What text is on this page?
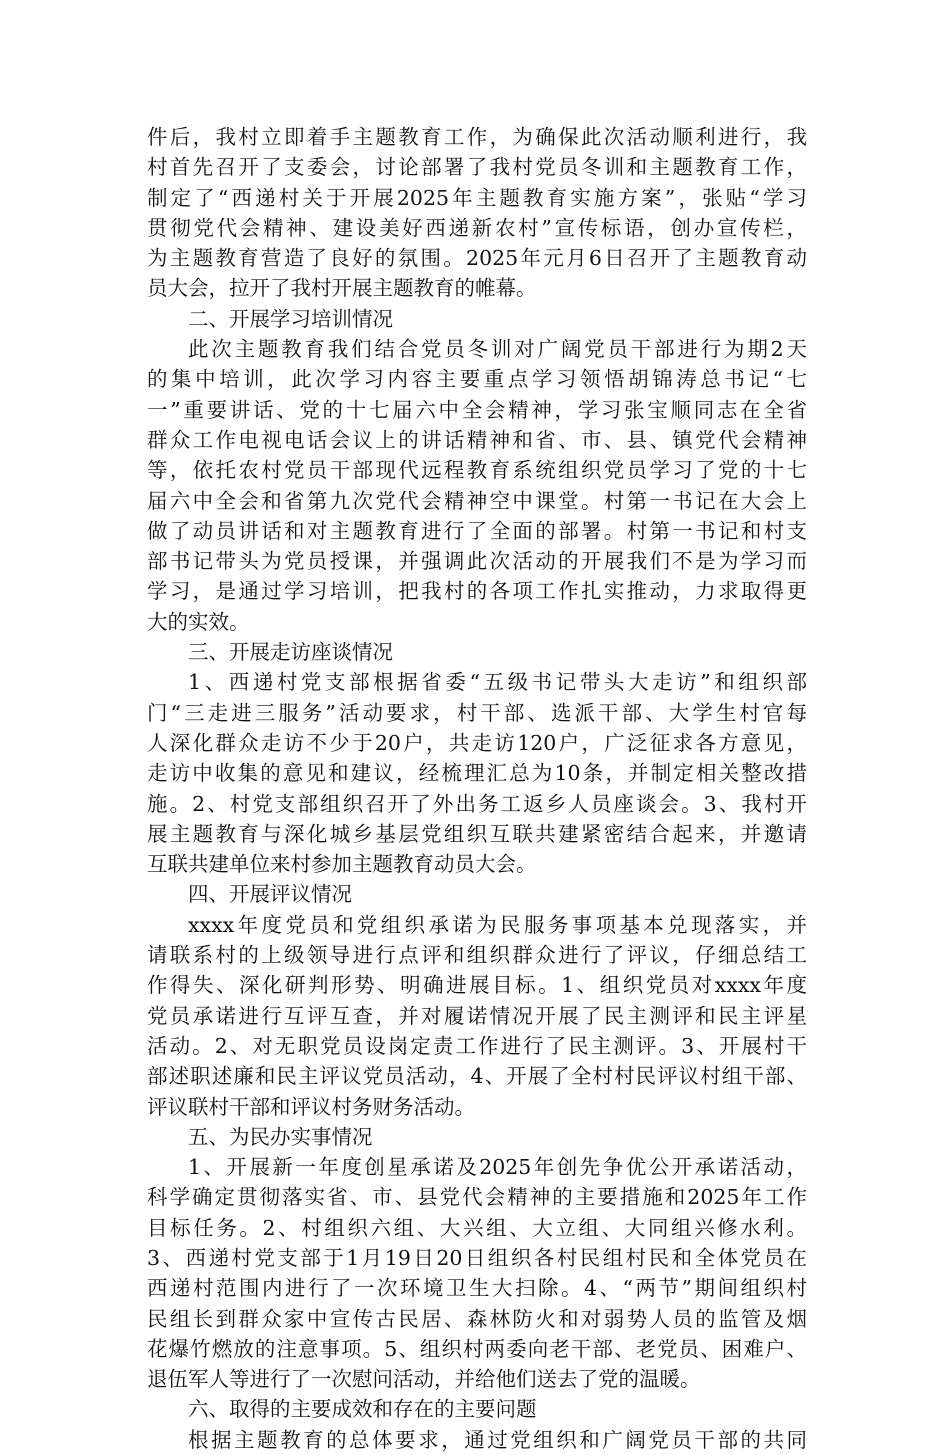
件后，我村立即着手主题教育工作，为确保此次活动顺利进行，我
村首先召开了支委会，讨论部署了我村党员冬训和主题教育工作，
制定了“西递村关于开展2025年主题教育实施方案”，张贴“学习
贯彻党代会精神、建设美好西递新农村”宣传标语，创办宣传栏，
为主题教育营造了良好的氛围。2025年元月6日召开了主题教育动
员大会，拉开了我村开展主题教育的帷幕。
二、开展学习培训情况
此次主题教育我们结合党员冬训对广阔党员干部进行为期2天
的集中培训，此次学习内容主要重点学习领悟胡锦涛总书记“七
一”重要讲话、党的十七届六中全会精神，学习张宝顺同志在全省
群众工作电视电话会议上的讲话精神和省、市、县、镇党代会精神
等，依托农村党员干部现代远程教育系统组织党员学习了党的十七
届六中全会和省第九次党代会精神空中课堂。村第一书记在大会上
做了动员讲话和对主题教育进行了全面的部署。村第一书记和村支
部书记带头为党员授课，并强调此次活动的开展我们不是为学习而
学习，是通过学习培训，把我村的各项工作扎实推动，力求取得更
大的实效。
三、开展走访座谈情况
1、西递村党支部根据省委“五级书记带头大走访”和组织部
门“三走进三服务”活动要求，村干部、选派干部、大学生村官每
人深化群众走访不少于20户，共走访120户，广泛征求各方意见，
走访中收集的意见和建议，经梳理汇总为10条，并制定相关整改措
施。2、村党支部组织召开了外出务工返乡人员座谈会。3、我村开
展主题教育与深化城乡基层党组织互联共建紧密结合起来，并邀请
互联共建单位来村参加主题教育动员大会。
四、开展评议情况
xxxx年度党员和党组织承诺为民服务事项基本兑现落实，并
请联系村的上级领导进行点评和组织群众进行了评议，仔细总结工
作得失、深化研判形势、明确进展目标。1、组织党员对xxxx年度
党员承诺进行互评互查，并对履诺情况开展了民主测评和民主评星
活动。2、对无职党员设岗定责工作进行了民主测评。3、开展村干
部述职述廉和民主评议党员活动，4、开展了全村村民评议村组干部、
评议联村干部和评议村务财务活动。
五、为民办实事情况
1、开展新一年度创星承诺及2025年创先争优公开承诺活动，
科学确定贯彻落实省、市、县党代会精神的主要措施和2025年工作
目标任务。2、村组织六组、大兴组、大立组、大同组兴修水利。
3、西递村党支部于1月19日20日组织各村民组村民和全体党员在
西递村范围内进行了一次环境卫生大扫除。4、“两节”期间组织村
民组长到群众家中宣传古民居、森林防火和对弱势人员的监管及烟
花爆竹燃放的注意事项。5、组织村两委向老干部、老党员、困难户、
退伍军人等进行了一次慰问活动，并给他们送去了党的温暖。
六、取得的主要成效和存在的主要问题
根据主题教育的总体要求，通过党组织和广阔党员干部的共同
